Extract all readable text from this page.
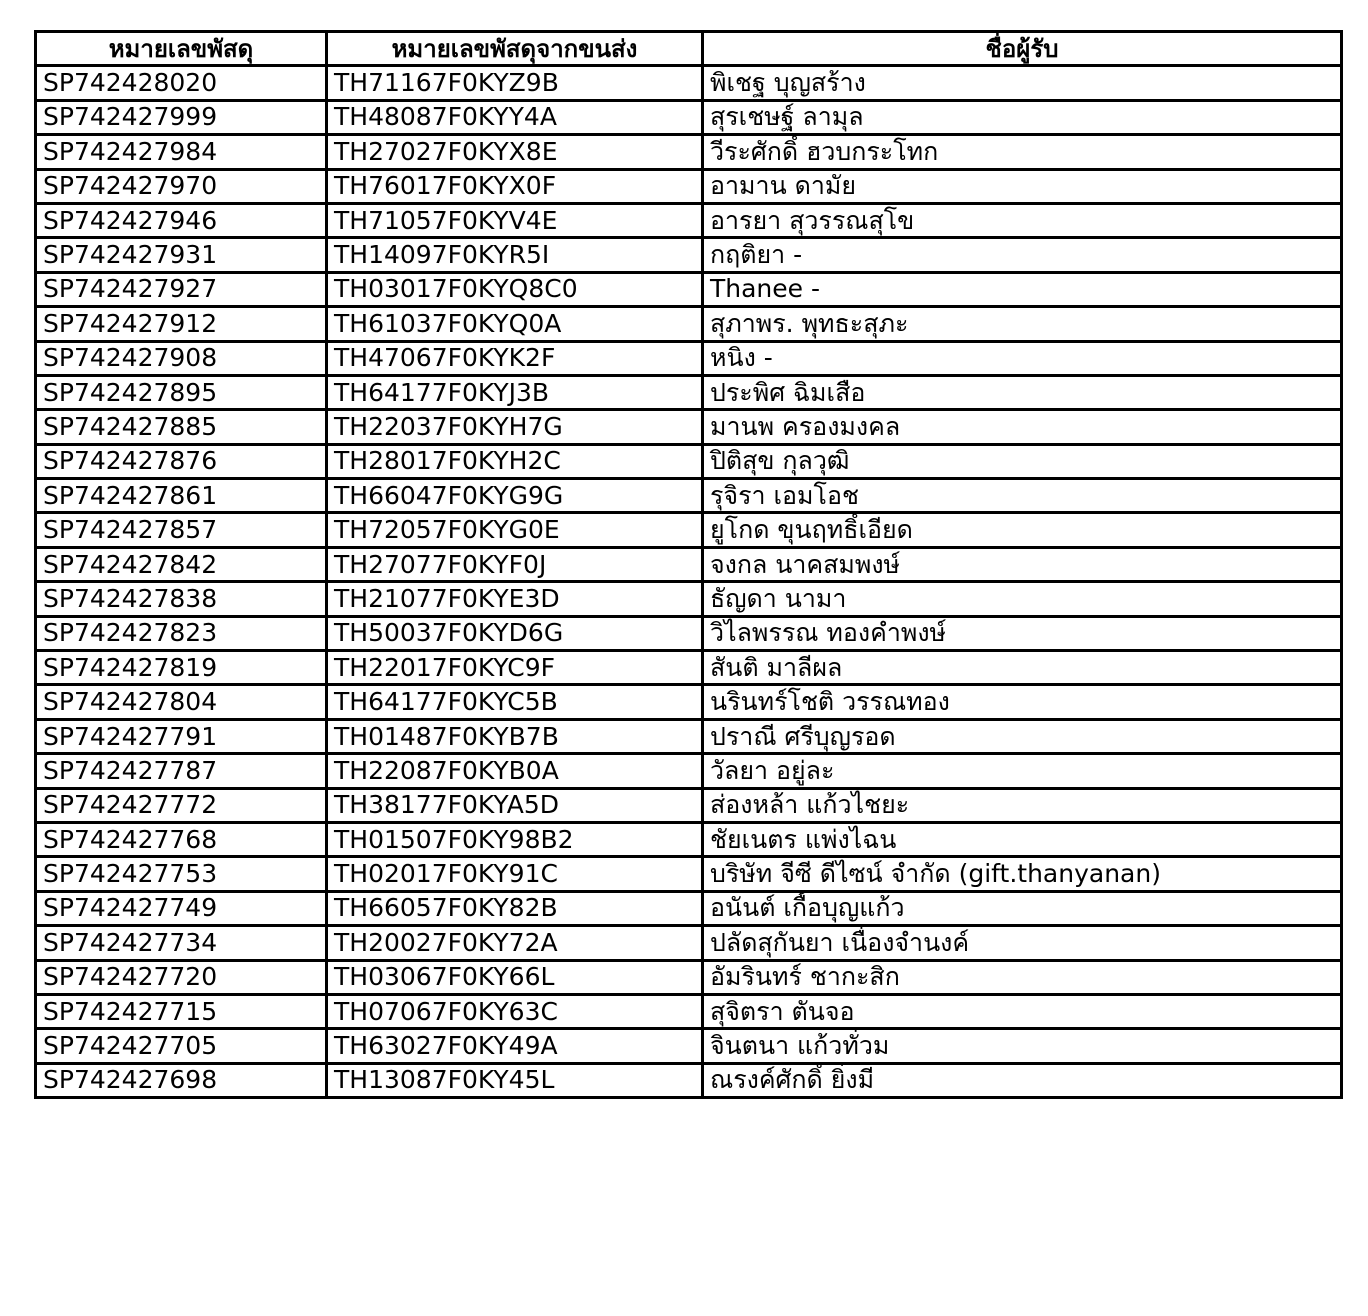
หมายเลขพัสดุ	หมายเลขพัสดุจากขนส่ง	ชื่อผู้รับ
SP742428020	TH71167F0KYZ9B	พิเชฐ บุญสร้าง
SP742427999	TH48087F0KYY4A	สุรเชษฐ์ ลามุล
SP742427984	TH27027F0KYX8E	วีระศักดิ์ ฮวบกระโทก
SP742427970	TH76017F0KYX0F	อามาน ดามัย
SP742427946	TH71057F0KYV4E	อารยา สุวรรณสุโข
SP742427931	TH14097F0KYR5I	กฤติยา -
SP742427927	TH03017F0KYQ8C0	Thanee -
SP742427912	TH61037F0KYQ0A	สุภาพร. พุทธะสุภะ
SP742427908	TH47067F0KYK2F	หนิง -
SP742427895	TH64177F0KYJ3B	ประพิศ ฉิมเสือ
SP742427885	TH22037F0KYH7G	มานพ ครองมงคล
SP742427876	TH28017F0KYH2C	ปิติสุข กุลวุฒิ
SP742427861	TH66047F0KYG9G	รุจิรา เอมโอช
SP742427857	TH72057F0KYG0E	ยูโกด ขุนฤทธิ์เอียด
SP742427842	TH27077F0KYF0J	จงกล นาคสมพงษ์
SP742427838	TH21077F0KYE3D	ธัญดา นามา
SP742427823	TH50037F0KYD6G	วิไลพรรณ ทองคำพงษ์
SP742427819	TH22017F0KYC9F	สันติ มาลีผล
SP742427804	TH64177F0KYC5B	นรินทร์โชติ วรรณทอง
SP742427791	TH01487F0KYB7B	ปราณี ศรีบุญรอด
SP742427787	TH22087F0KYB0A	วัลยา อยู่ละ
SP742427772	TH38177F0KYA5D	ส่องหล้า แก้วไชยะ
SP742427768	TH01507F0KY98B2	ชัยเนตร แพ่งไฉน
SP742427753	TH02017F0KY91C	บริษัท จีซี ดีไซน์ จำกัด (gift.thanyanan)
SP742427749	TH66057F0KY82B	อนันต์ เกื้อบุญแก้ว
SP742427734	TH20027F0KY72A	ปลัดสุกันยา เนื่องจำนงค์
SP742427720	TH03067F0KY66L	อัมรินทร์ ชากะสิก
SP742427715	TH07067F0KY63C	สุจิตรา ตันจอ
SP742427705	TH63027F0KY49A	จินตนา แก้วทั่วม
SP742427698	TH13087F0KY45L	ณรงค์ศักดิ์ ยิ่งมี
